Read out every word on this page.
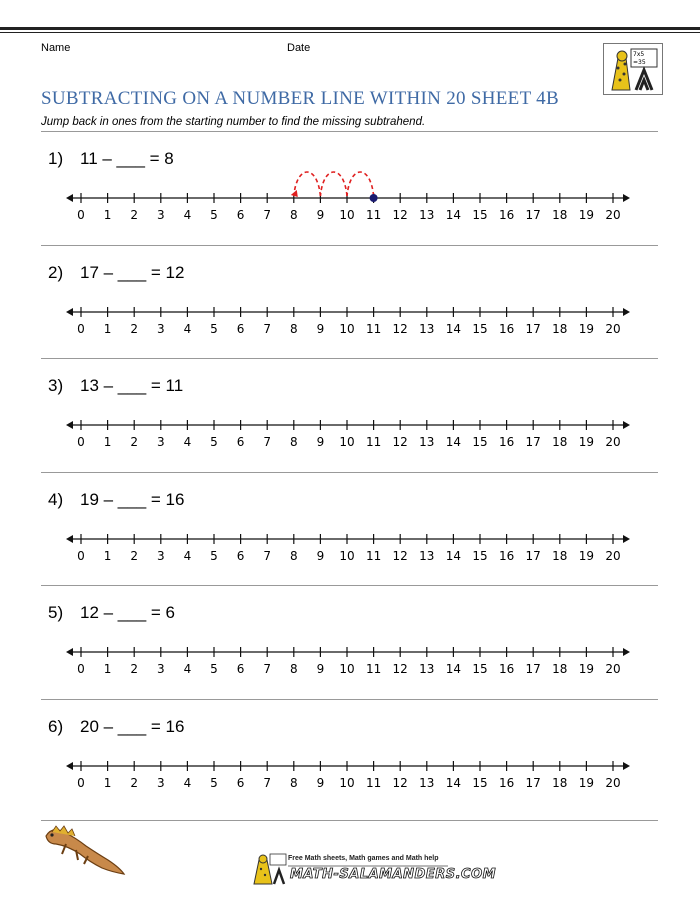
Name	Date
7x5
=35
SUBTRACTING ON A NUMBER LINE WITHIN 20 SHEET 4B
Jump back in ones from the starting number to find the missing subtrahend.
1) 11 – ___ = 8
0 1 2 3 4 5 6 7 8 9 10 11 12 13 14 15 16 17 18 19 20
2) 17 – ___ = 12
0 1 2 3 4 5 6 7 8 9 10 11 12 13 14 15 16 17 18 19 20
3) 13 – ___ = 11
0 1 2 3 4 5 6 7 8 9 10 11 12 13 14 15 16 17 18 19 20
4) 19 – ___ = 16
0 1 2 3 4 5 6 7 8 9 10 11 12 13 14 15 16 17 18 19 20
5) 12 – ___ = 6
0 1 2 3 4 5 6 7 8 9 10 11 12 13 14 15 16 17 18 19 20
6) 20 – ___ = 16
0 1 2 3 4 5 6 7 8 9 10 11 12 13 14 15 16 17 18 19 20
Free Math sheets, Math games and Math help
MATH-SALAMANDERS.COM
